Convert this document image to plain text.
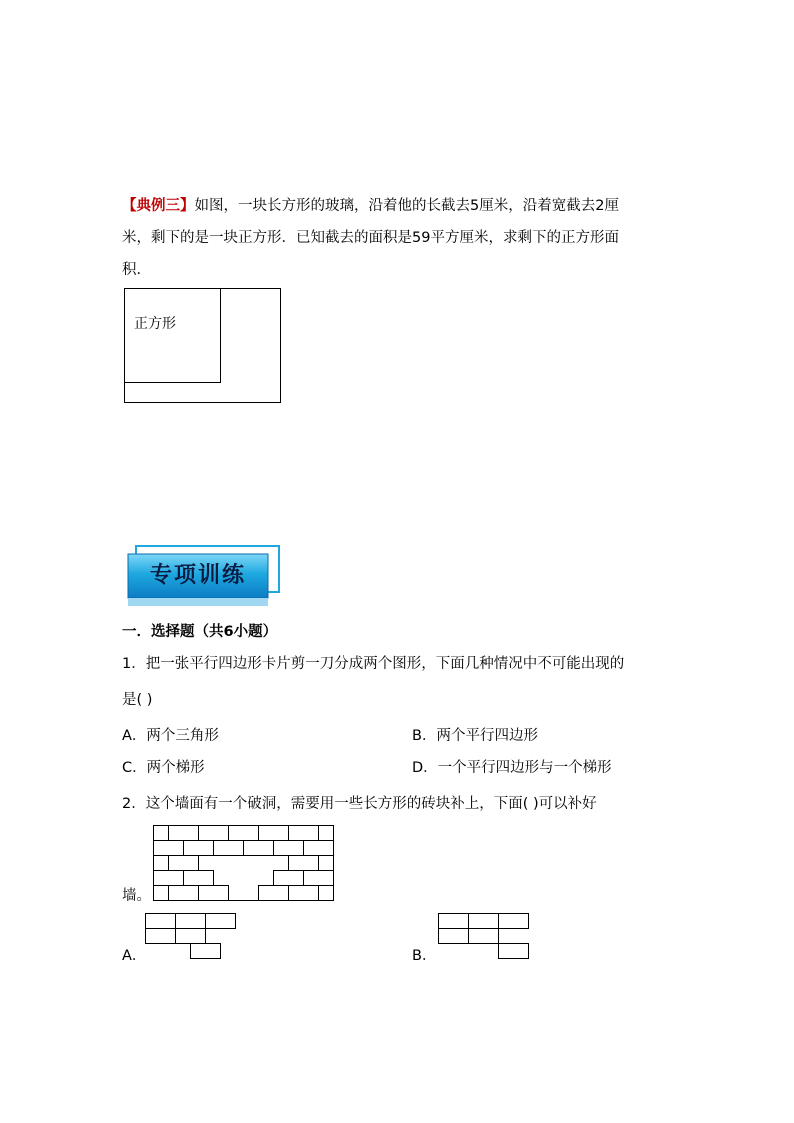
【典例三】如图，一块长方形的玻璃，沿着他的长截去5厘米，沿着宽截去2厘
米，剩下的是一块正方形．已知截去的面积是59平方厘米，求剩下的正方形面
积．
正方形
专项训练
一．选择题（共6小题）
1．把一张平行四边形卡片剪一刀分成两个图形，下面几种情况中不可能出现的
是( )
A．两个三角形	B．两个平行四边形
C．两个梯形	D．一个平行四边形与一个梯形
2．这个墙面有一个破洞，需要用一些长方形的砖块补上，下面( )可以补好
墙。
A．	B．
